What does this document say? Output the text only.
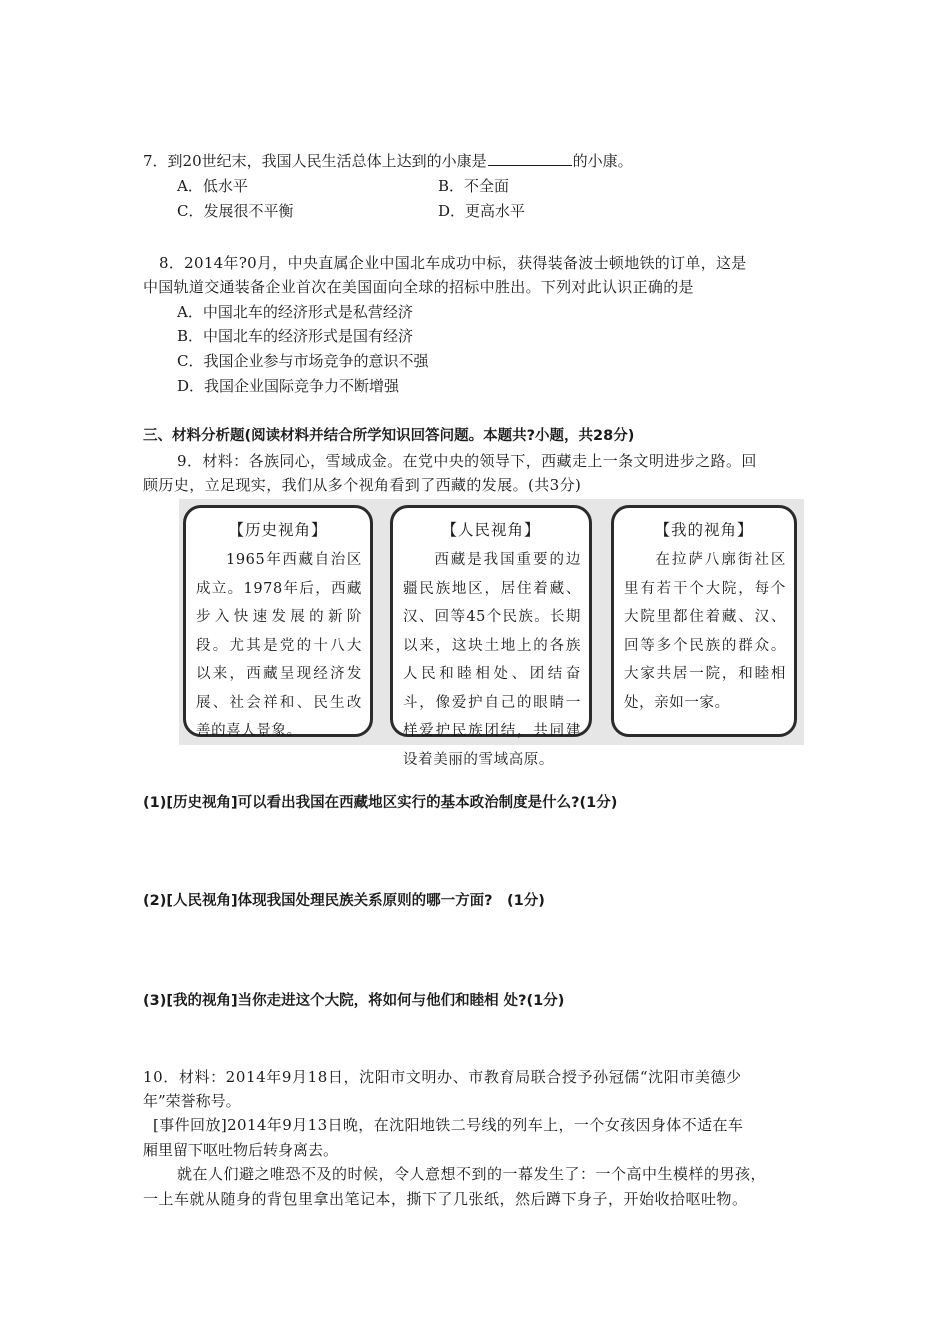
7．到20世纪末，我国人民生活总体上达到的小康是	的小康。
A．低水平	B．不全面
C．发展很不平衡	D．更高水平
8．2014年?0月，中央直属企业中国北车成功中标，获得装备波士顿地铁的订单，这是
中国轨道交通装备企业首次在美国面向全球的招标中胜出。下列对此认识正确的是
A．中国北车的经济形式是私营经济
B．中国北车的经济形式是国有经济
C．我国企业参与市场竞争的意识不强
D．我国企业国际竞争力不断增强
三、材料分析题(阅读材料并结合所学知识回答问题。本题共?小题，共28分)
9．材料：各族同心，雪域成金。在党中央的领导下，西藏走上一条文明进步之路。回
顾历史，立足现实，我们从多个视角看到了西藏的发展。(共3分)
【历史视角】
1965年西藏自治区成立。1978年后，西藏步入快速发展的新阶段。尤其是党的十八大以来，西藏呈现经济发展、社会祥和、民生改善的喜人景象。
【人民视角】
西藏是我国重要的边疆民族地区，居住着藏、汉、回等45个民族。长期以来，这块土地上的各族人民和睦相处、团结奋斗，像爱护自己的眼睛一样爱护民族团结，共同建设着美丽的雪域高原。
【我的视角】
在拉萨八廓街社区里有若干个大院，每个大院里都住着藏、汉、回等多个民族的群众。大家共居一院，和睦相处，亲如一家。
(1)[历史视角]可以看出我国在西藏地区实行的基本政治制度是什么?(1分)
(2)[人民视角]体现我国处理民族关系原则的哪一方面?　(1分)
(3)[我的视角]当你走进这个大院，将如何与他们和睦相 处?(1分)
10．材料：2014年9月18日，沈阳市文明办、市教育局联合授予孙冠儒“沈阳市美德少
年”荣誉称号。
[事件回放]2014年9月13日晚，在沈阳地铁二号线的列车上，一个女孩因身体不适在车
厢里留下呕吐物后转身离去。
就在人们避之唯恐不及的时候，令人意想不到的一幕发生了：一个高中生模样的男孩，
一上车就从随身的背包里拿出笔记本，撕下了几张纸，然后蹲下身子，开始收拾呕吐物。
